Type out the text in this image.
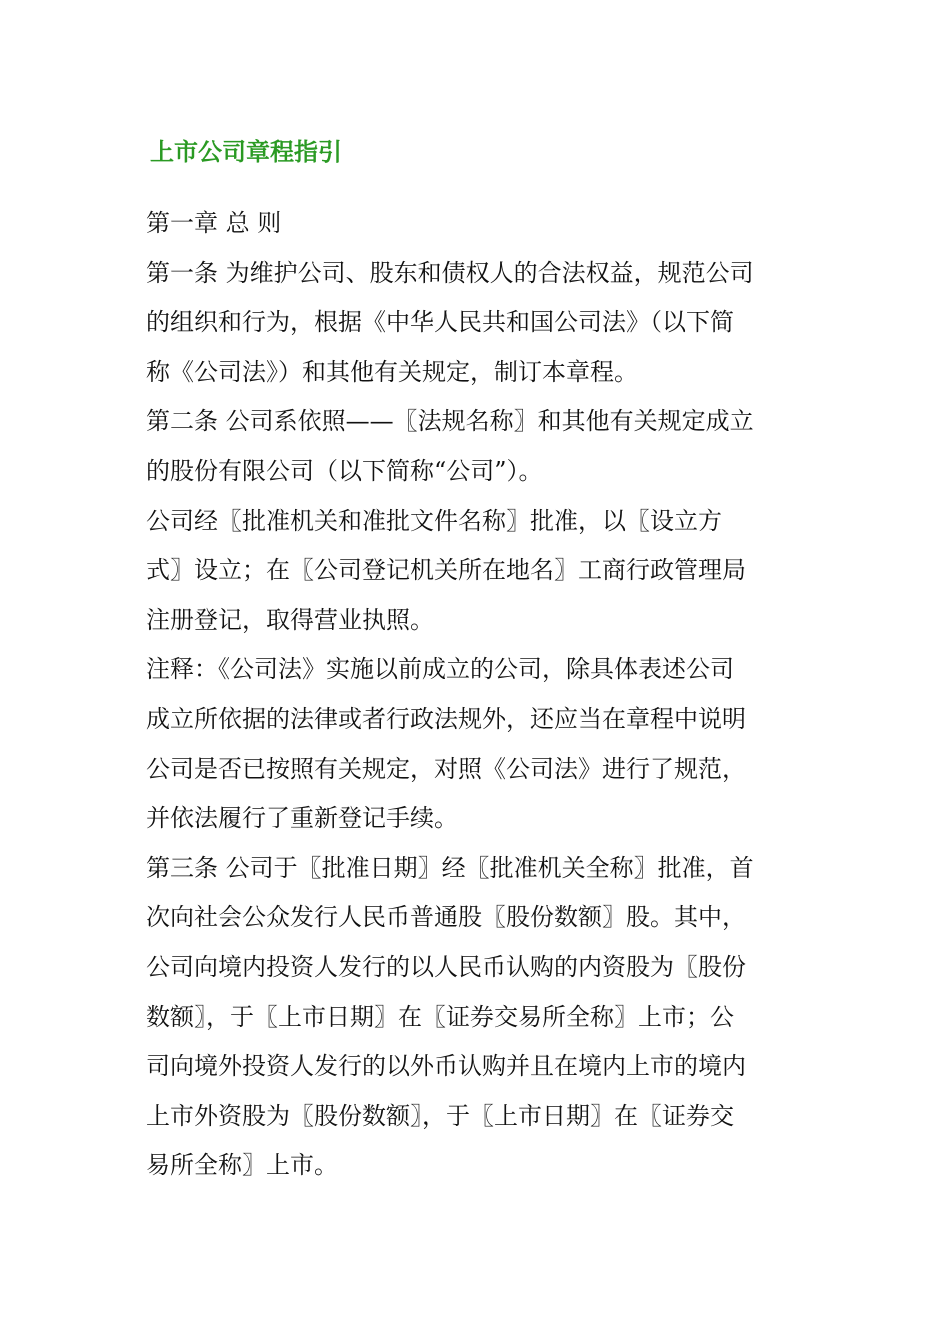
上市公司章程指引
第一章 总 则
第一条 为维护公司、股东和债权人的合法权益，规范公司
的组织和行为，根据《中华人民共和国公司法》（以下简
称《公司法》）和其他有关规定，制订本章程。
第二条 公司系依照——〖法规名称〗和其他有关规定成立
的股份有限公司（以下简称“公司”）。
公司经〖批准机关和准批文件名称〗批准，以〖设立方
式〗设立；在〖公司登记机关所在地名〗工商行政管理局
注册登记，取得营业执照。
注释：《公司法》实施以前成立的公司，除具体表述公司
成立所依据的法律或者行政法规外，还应当在章程中说明
公司是否已按照有关规定，对照《公司法》进行了规范，
并依法履行了重新登记手续。
第三条 公司于〖批准日期〗经〖批准机关全称〗批准，首
次向社会公众发行人民币普通股〖股份数额〗股。其中，
公司向境内投资人发行的以人民币认购的内资股为〖股份
数额〗，于〖上市日期〗在〖证券交易所全称〗上市；公
司向境外投资人发行的以外币认购并且在境内上市的境内
上市外资股为〖股份数额〗，于〖上市日期〗在〖证券交
易所全称〗上市。
